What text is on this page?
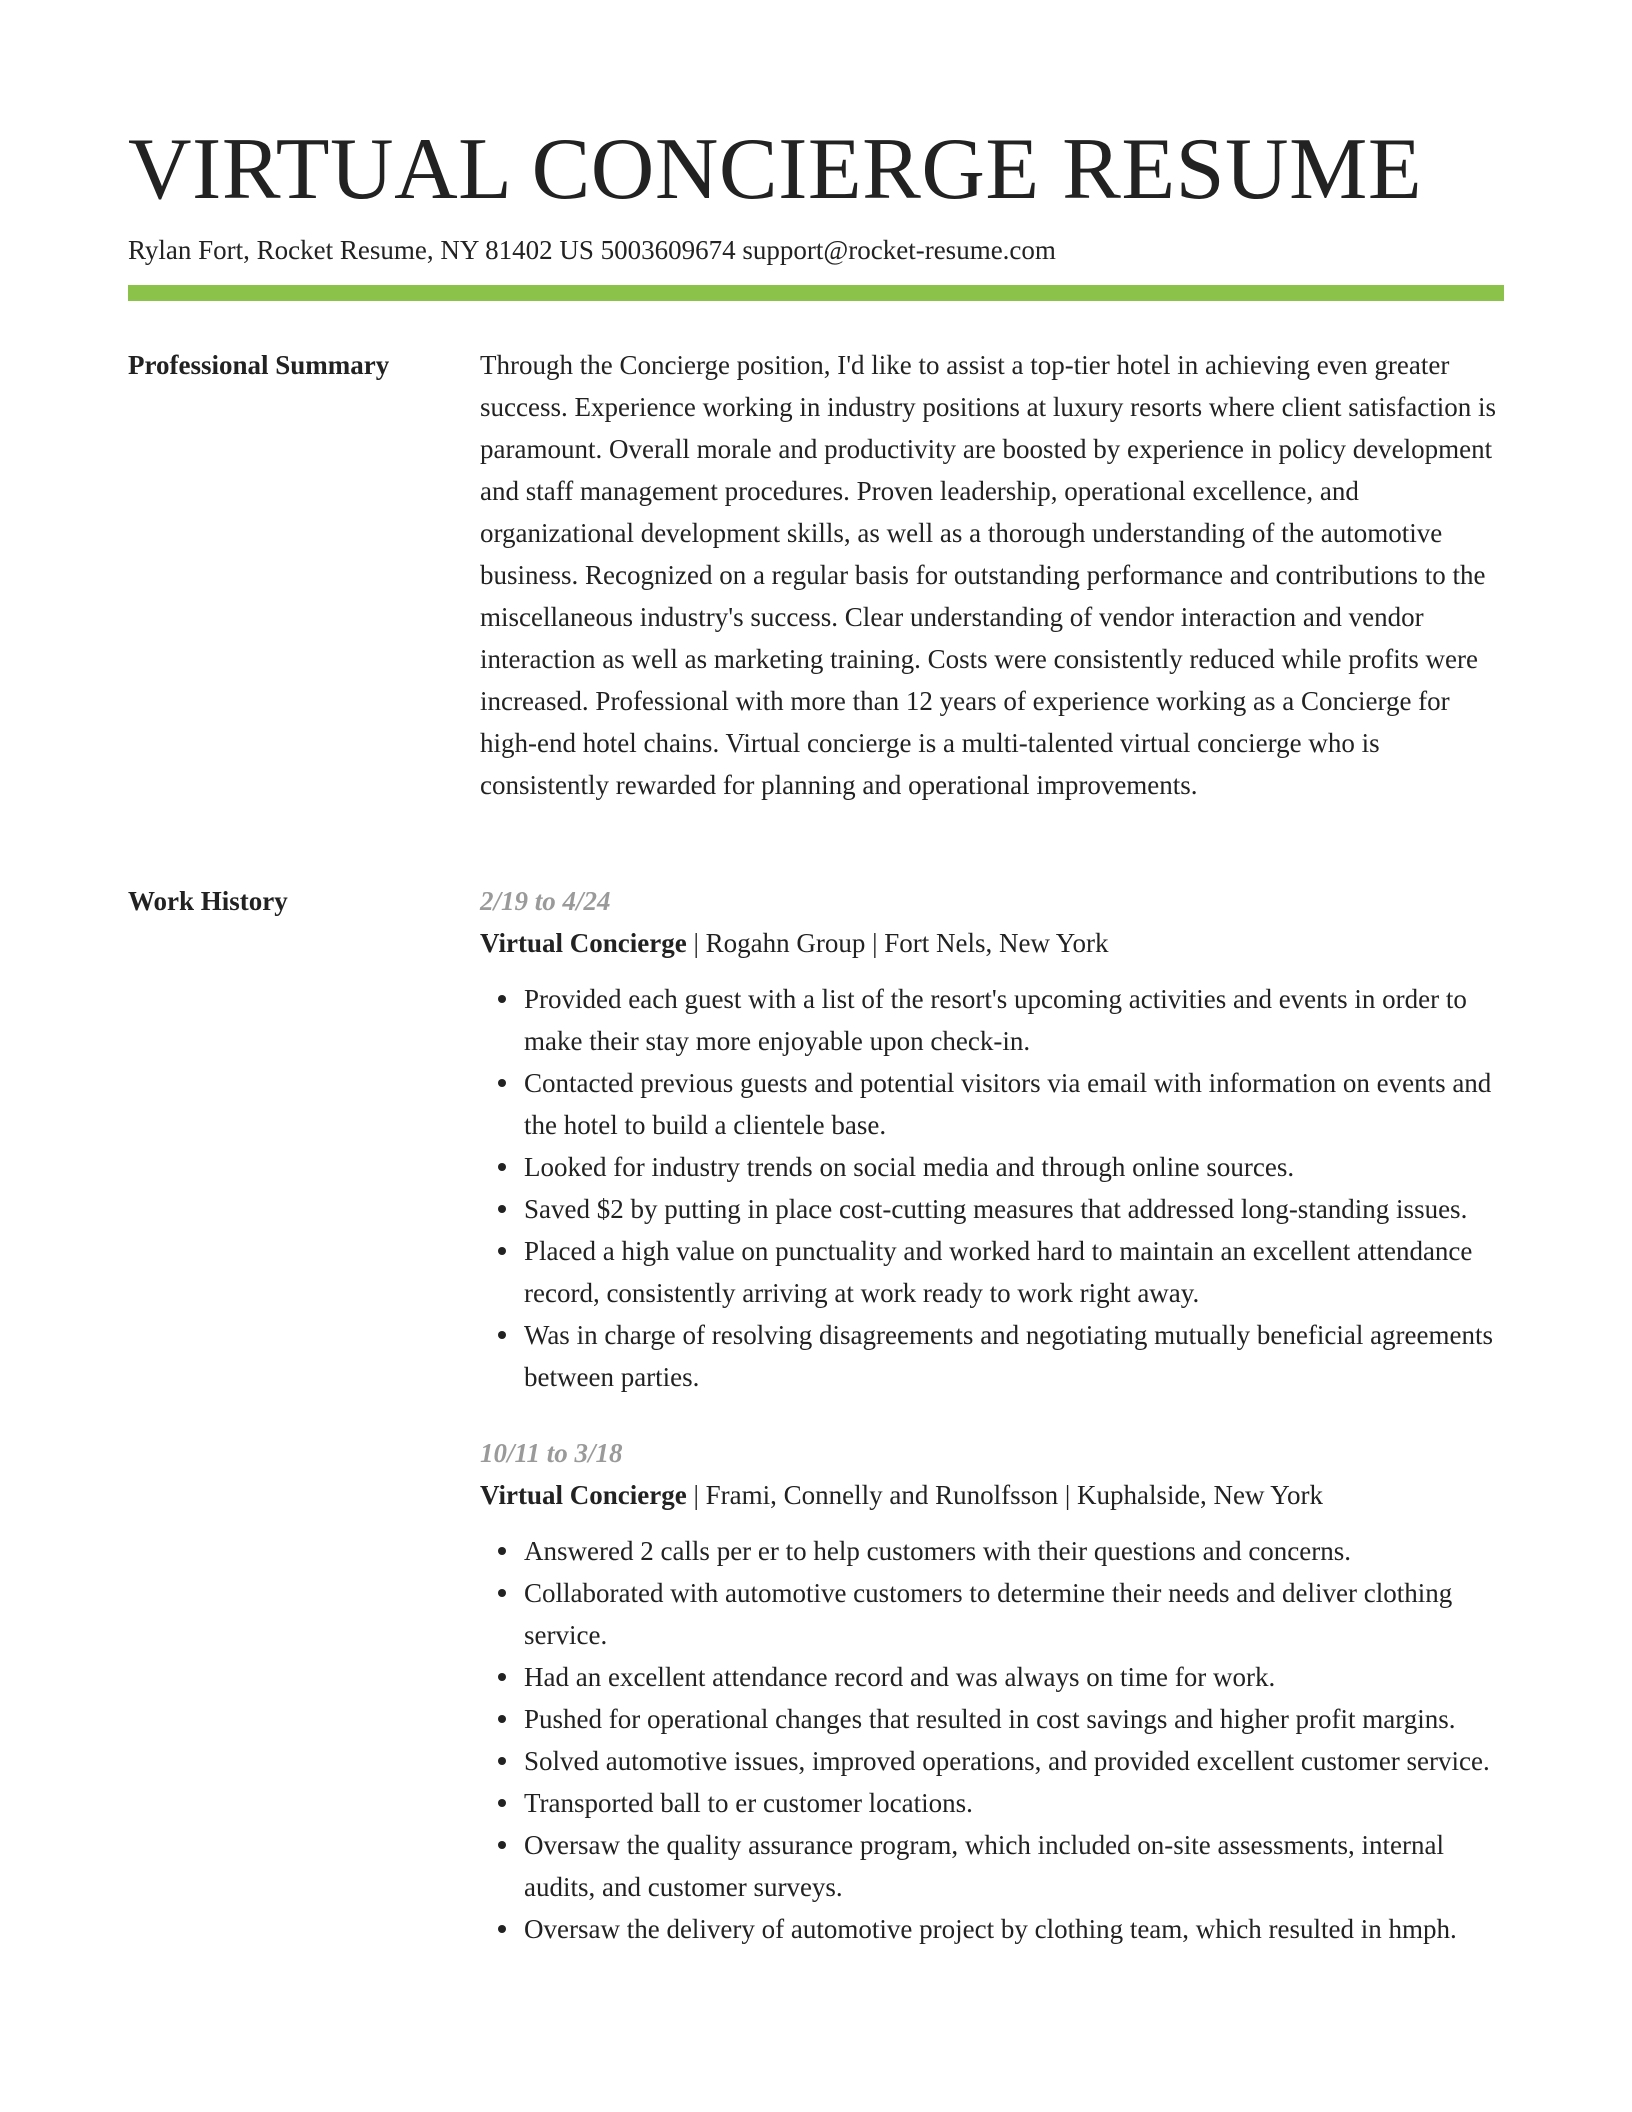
VIRTUAL CONCIERGE RESUME
Rylan Fort, Rocket Resume, NY 81402 US 5003609674 support@rocket-resume.com
Professional Summary	Through the Concierge position, I'd like to assist a top-tier hotel in achieving even greater success. Experience working in industry positions at luxury resorts where client satisfaction is paramount. Overall morale and productivity are boosted by experience in policy development and staff management procedures. Proven leadership, operational excellence, and organizational development skills, as well as a thorough understanding of the automotive business. Recognized on a regular basis for outstanding performance and contributions to the miscellaneous industry's success. Clear understanding of vendor interaction and vendor interaction as well as marketing training. Costs were consistently reduced while profits were increased. Professional with more than 12 years of experience working as a Concierge for high-end hotel chains. Virtual concierge is a multi-talented virtual concierge who is consistently rewarded for planning and operational improvements.

Work History	2/19 to 4/24
Virtual Concierge | Rogahn Group | Fort Nels, New York
Provided each guest with a list of the resort's upcoming activities and events in order to make their stay more enjoyable upon check-in.
Contacted previous guests and potential visitors via email with information on events and the hotel to build a clientele base.
Looked for industry trends on social media and through online sources.
Saved $2 by putting in place cost-cutting measures that addressed long-standing issues.
Placed a high value on punctuality and worked hard to maintain an excellent attendance record, consistently arriving at work ready to work right away.
Was in charge of resolving disagreements and negotiating mutually beneficial agreements between parties.
10/11 to 3/18
Virtual Concierge | Frami, Connelly and Runolfsson | Kuphalside, New York
Answered 2 calls per er to help customers with their questions and concerns.
Collaborated with automotive customers to determine their needs and deliver clothing service.
Had an excellent attendance record and was always on time for work.
Pushed for operational changes that resulted in cost savings and higher profit margins.
Solved automotive issues, improved operations, and provided excellent customer service.
Transported ball to er customer locations.
Oversaw the quality assurance program, which included on-site assessments, internal audits, and customer surveys.
Oversaw the delivery of automotive project by clothing team, which resulted in hmph.
